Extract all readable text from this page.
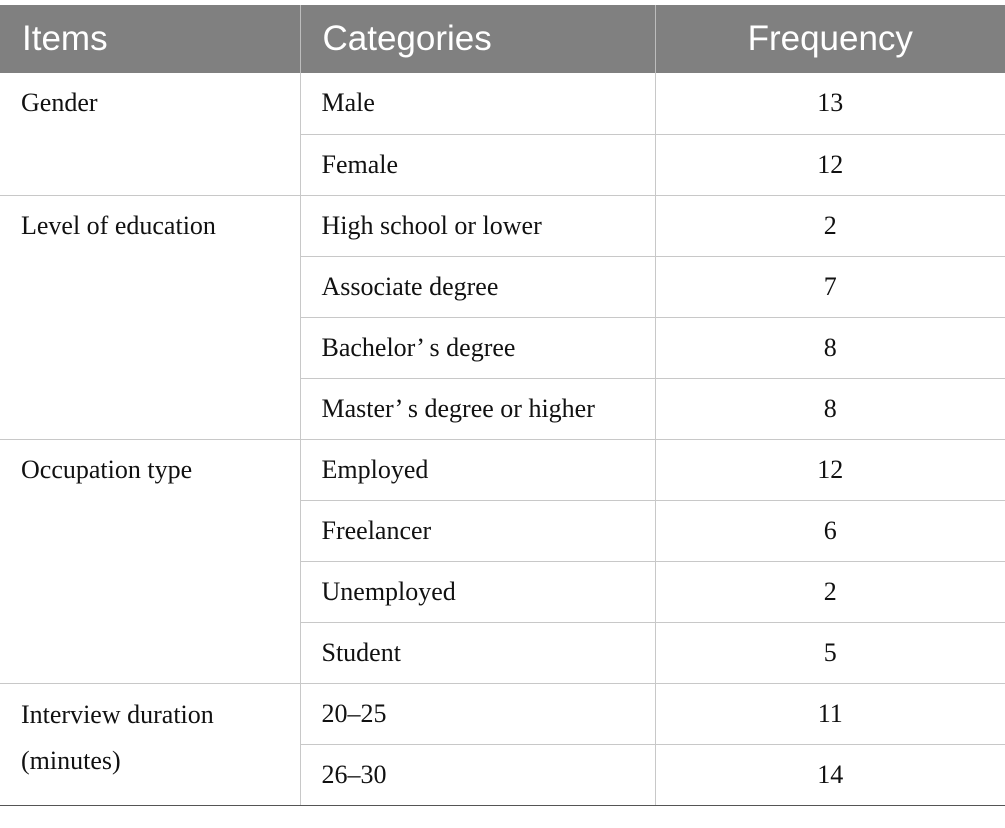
Items	Categories	Frequency
Gender	Male	13
	Female	12
Level of education	High school or lower	2
	Associate degree	7
	Bachelor’ s degree	8
	Master’ s degree or higher	8
Occupation type	Employed	12
	Freelancer	6
	Unemployed	2
	Student	5
Interview duration (minutes)	20–25	11
	26–30	14
